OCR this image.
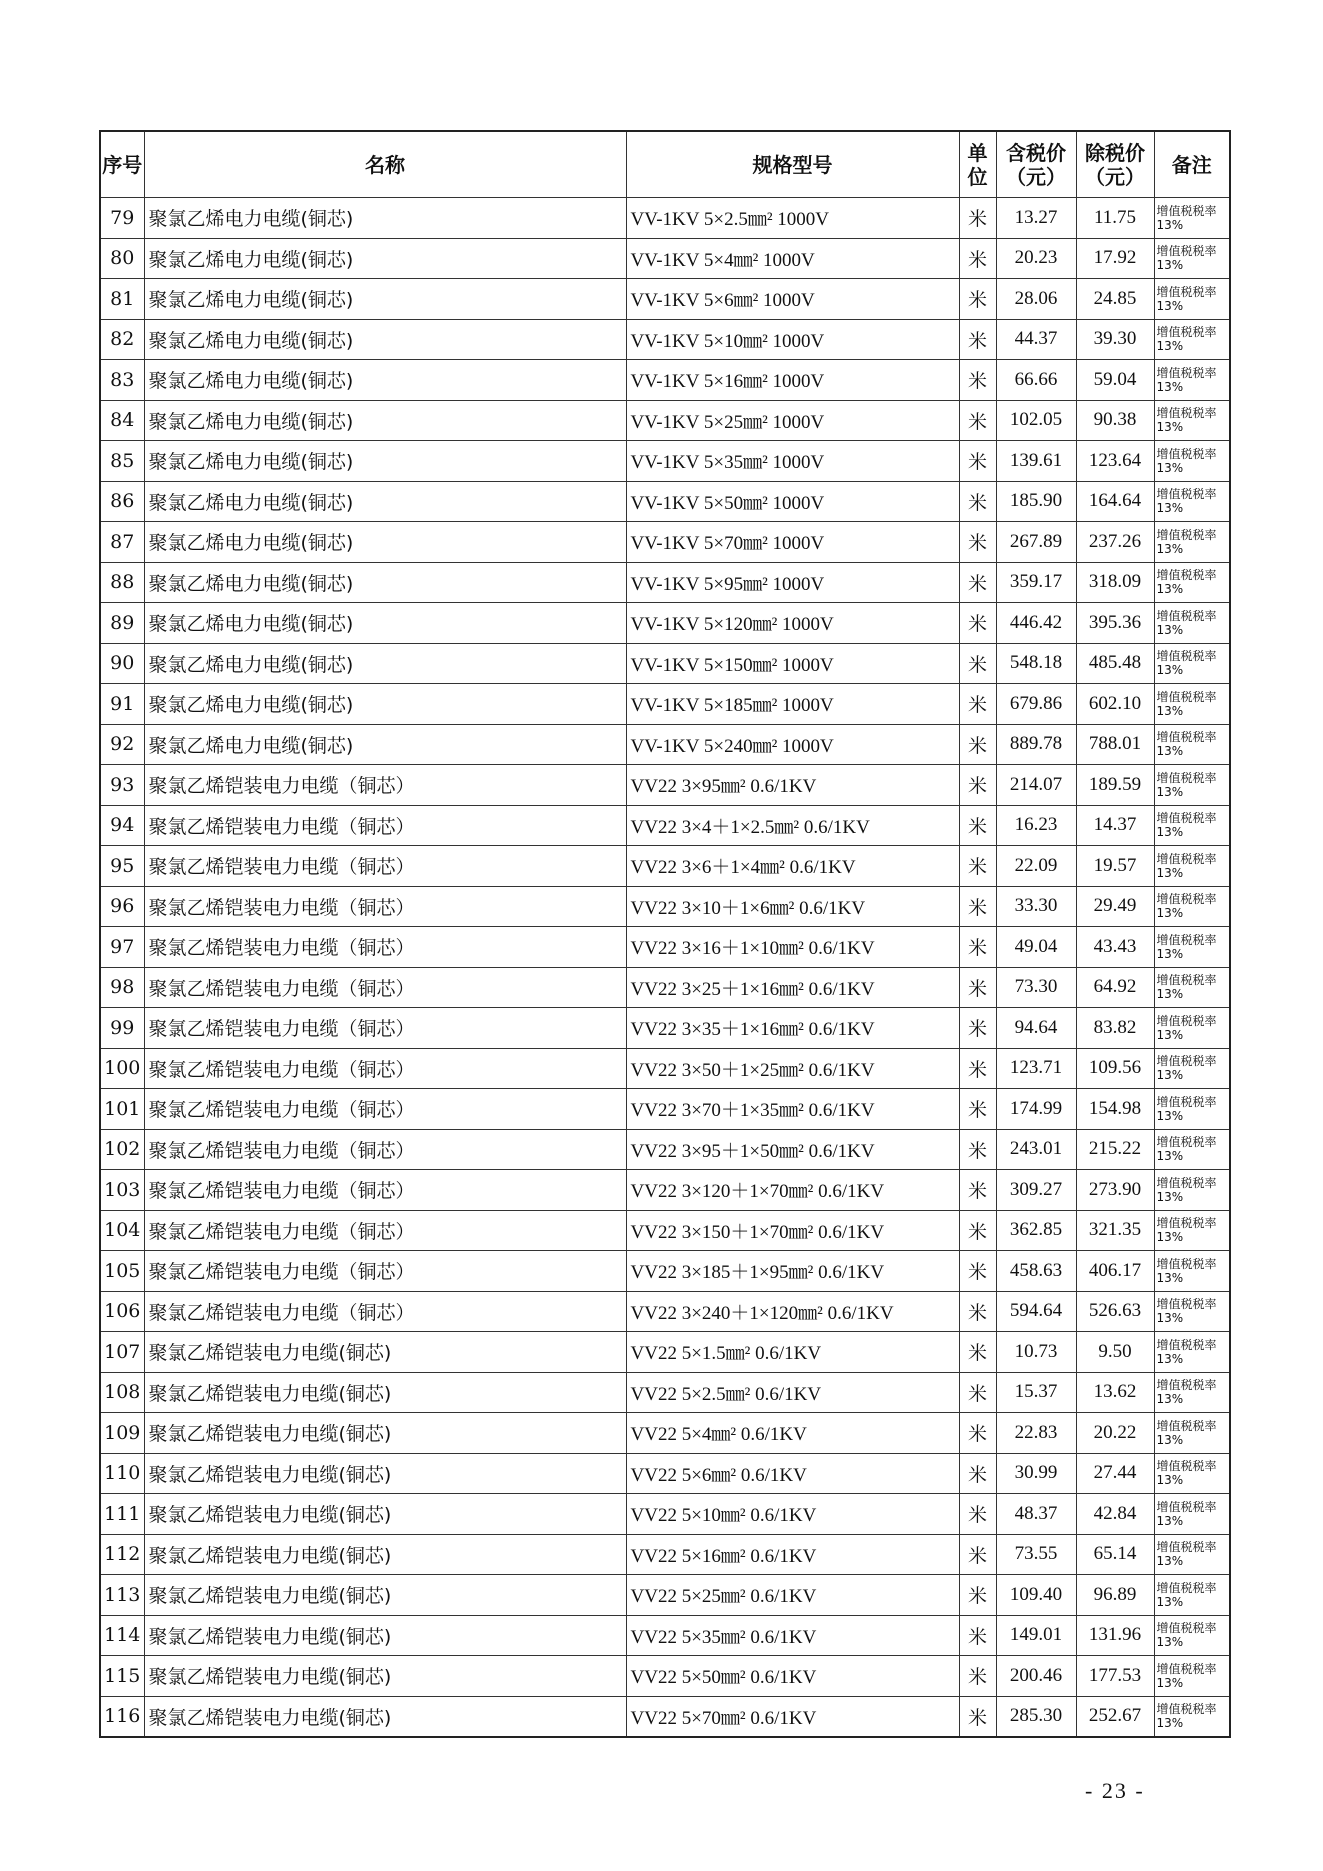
序号	名称	规格型号	单位	含税价（元）	除税价（元）	备注
79	聚氯乙烯电力电缆(铜芯)	VV-1KV 5×2.5㎜² 1000V	米	13.27	11.75	增值税税率
13%

80	聚氯乙烯电力电缆(铜芯)	VV-1KV 5×4㎜² 1000V	米	20.23	17.92	增值税税率
13%

81	聚氯乙烯电力电缆(铜芯)	VV-1KV 5×6㎜² 1000V	米	28.06	24.85	增值税税率
13%

82	聚氯乙烯电力电缆(铜芯)	VV-1KV 5×10㎜² 1000V	米	44.37	39.30	增值税税率
13%

83	聚氯乙烯电力电缆(铜芯)	VV-1KV 5×16㎜² 1000V	米	66.66	59.04	增值税税率
13%

84	聚氯乙烯电力电缆(铜芯)	VV-1KV 5×25㎜² 1000V	米	102.05	90.38	增值税税率
13%

85	聚氯乙烯电力电缆(铜芯)	VV-1KV 5×35㎜² 1000V	米	139.61	123.64	增值税税率
13%

86	聚氯乙烯电力电缆(铜芯)	VV-1KV 5×50㎜² 1000V	米	185.90	164.64	增值税税率
13%

87	聚氯乙烯电力电缆(铜芯)	VV-1KV 5×70㎜² 1000V	米	267.89	237.26	增值税税率
13%

88	聚氯乙烯电力电缆(铜芯)	VV-1KV 5×95㎜² 1000V	米	359.17	318.09	增值税税率
13%

89	聚氯乙烯电力电缆(铜芯)	VV-1KV 5×120㎜² 1000V	米	446.42	395.36	增值税税率
13%

90	聚氯乙烯电力电缆(铜芯)	VV-1KV 5×150㎜² 1000V	米	548.18	485.48	增值税税率
13%

91	聚氯乙烯电力电缆(铜芯)	VV-1KV 5×185㎜² 1000V	米	679.86	602.10	增值税税率
13%

92	聚氯乙烯电力电缆(铜芯)	VV-1KV 5×240㎜² 1000V	米	889.78	788.01	增值税税率
13%

93	聚氯乙烯铠装电力电缆（铜芯）	VV22 3×95㎜² 0.6/1KV	米	214.07	189.59	增值税税率
13%

94	聚氯乙烯铠装电力电缆（铜芯）	VV22 3×4＋1×2.5㎜² 0.6/1KV	米	16.23	14.37	增值税税率
13%

95	聚氯乙烯铠装电力电缆（铜芯）	VV22 3×6＋1×4㎜² 0.6/1KV	米	22.09	19.57	增值税税率
13%

96	聚氯乙烯铠装电力电缆（铜芯）	VV22 3×10＋1×6㎜² 0.6/1KV	米	33.30	29.49	增值税税率
13%

97	聚氯乙烯铠装电力电缆（铜芯）	VV22 3×16＋1×10㎜² 0.6/1KV	米	49.04	43.43	增值税税率
13%

98	聚氯乙烯铠装电力电缆（铜芯）	VV22 3×25＋1×16㎜² 0.6/1KV	米	73.30	64.92	增值税税率
13%

99	聚氯乙烯铠装电力电缆（铜芯）	VV22 3×35＋1×16㎜² 0.6/1KV	米	94.64	83.82	增值税税率
13%

100	聚氯乙烯铠装电力电缆（铜芯）	VV22 3×50＋1×25㎜² 0.6/1KV	米	123.71	109.56	增值税税率
13%

101	聚氯乙烯铠装电力电缆（铜芯）	VV22 3×70＋1×35㎜² 0.6/1KV	米	174.99	154.98	增值税税率
13%

102	聚氯乙烯铠装电力电缆（铜芯）	VV22 3×95＋1×50㎜² 0.6/1KV	米	243.01	215.22	增值税税率
13%

103	聚氯乙烯铠装电力电缆（铜芯）	VV22 3×120＋1×70㎜² 0.6/1KV	米	309.27	273.90	增值税税率
13%

104	聚氯乙烯铠装电力电缆（铜芯）	VV22 3×150＋1×70㎜² 0.6/1KV	米	362.85	321.35	增值税税率
13%

105	聚氯乙烯铠装电力电缆（铜芯）	VV22 3×185＋1×95㎜² 0.6/1KV	米	458.63	406.17	增值税税率
13%

106	聚氯乙烯铠装电力电缆（铜芯）	VV22 3×240＋1×120㎜² 0.6/1KV	米	594.64	526.63	增值税税率
13%

107	聚氯乙烯铠装电力电缆(铜芯)	VV22 5×1.5㎜² 0.6/1KV	米	10.73	9.50	增值税税率
13%

108	聚氯乙烯铠装电力电缆(铜芯)	VV22 5×2.5㎜² 0.6/1KV	米	15.37	13.62	增值税税率
13%

109	聚氯乙烯铠装电力电缆(铜芯)	VV22 5×4㎜² 0.6/1KV	米	22.83	20.22	增值税税率
13%

110	聚氯乙烯铠装电力电缆(铜芯)	VV22 5×6㎜² 0.6/1KV	米	30.99	27.44	增值税税率
13%

111	聚氯乙烯铠装电力电缆(铜芯)	VV22 5×10㎜² 0.6/1KV	米	48.37	42.84	增值税税率
13%

112	聚氯乙烯铠装电力电缆(铜芯)	VV22 5×16㎜² 0.6/1KV	米	73.55	65.14	增值税税率
13%

113	聚氯乙烯铠装电力电缆(铜芯)	VV22 5×25㎜² 0.6/1KV	米	109.40	96.89	增值税税率
13%

114	聚氯乙烯铠装电力电缆(铜芯)	VV22 5×35㎜² 0.6/1KV	米	149.01	131.96	增值税税率
13%

115	聚氯乙烯铠装电力电缆(铜芯)	VV22 5×50㎜² 0.6/1KV	米	200.46	177.53	增值税税率
13%

116	聚氯乙烯铠装电力电缆(铜芯)	VV22 5×70㎜² 0.6/1KV	米	285.30	252.67	增值税税率
13%
- 23 -
